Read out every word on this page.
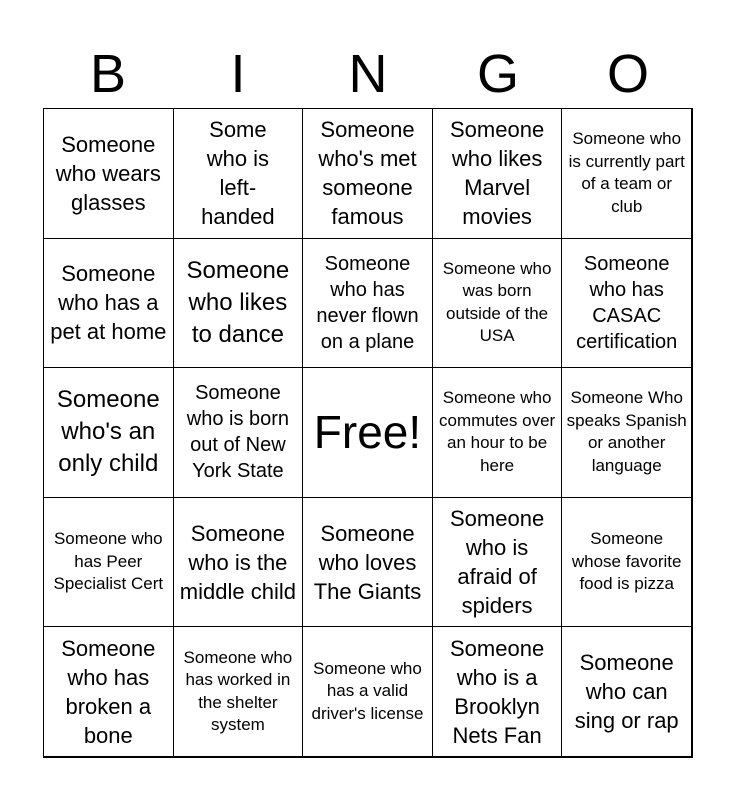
B	I	N	G	O
Someone who wears glasses
Some who is left-handed
Someone who's met someone famous
Someone who likes Marvel movies
Someone who is currently part of a team or club
Someone who has a pet at home
Someone who likes to dance
Someone who has never flown on a plane
Someone who was born outside of the USA
Someone who has CASAC certification
Someone who's an only child
Someone who is born out of New York State
Free!
Someone who commutes over an hour to be here
Someone Who speaks Spanish or another language
Someone who has Peer Specialist Cert
Someone who is the middle child
Someone who loves The Giants
Someone who is afraid of spiders
Someone whose favorite food is pizza
Someone who has broken a bone
Someone who has worked in the shelter system
Someone who has a valid driver's license
Someone who is a Brooklyn Nets Fan
Someone who can sing or rap
